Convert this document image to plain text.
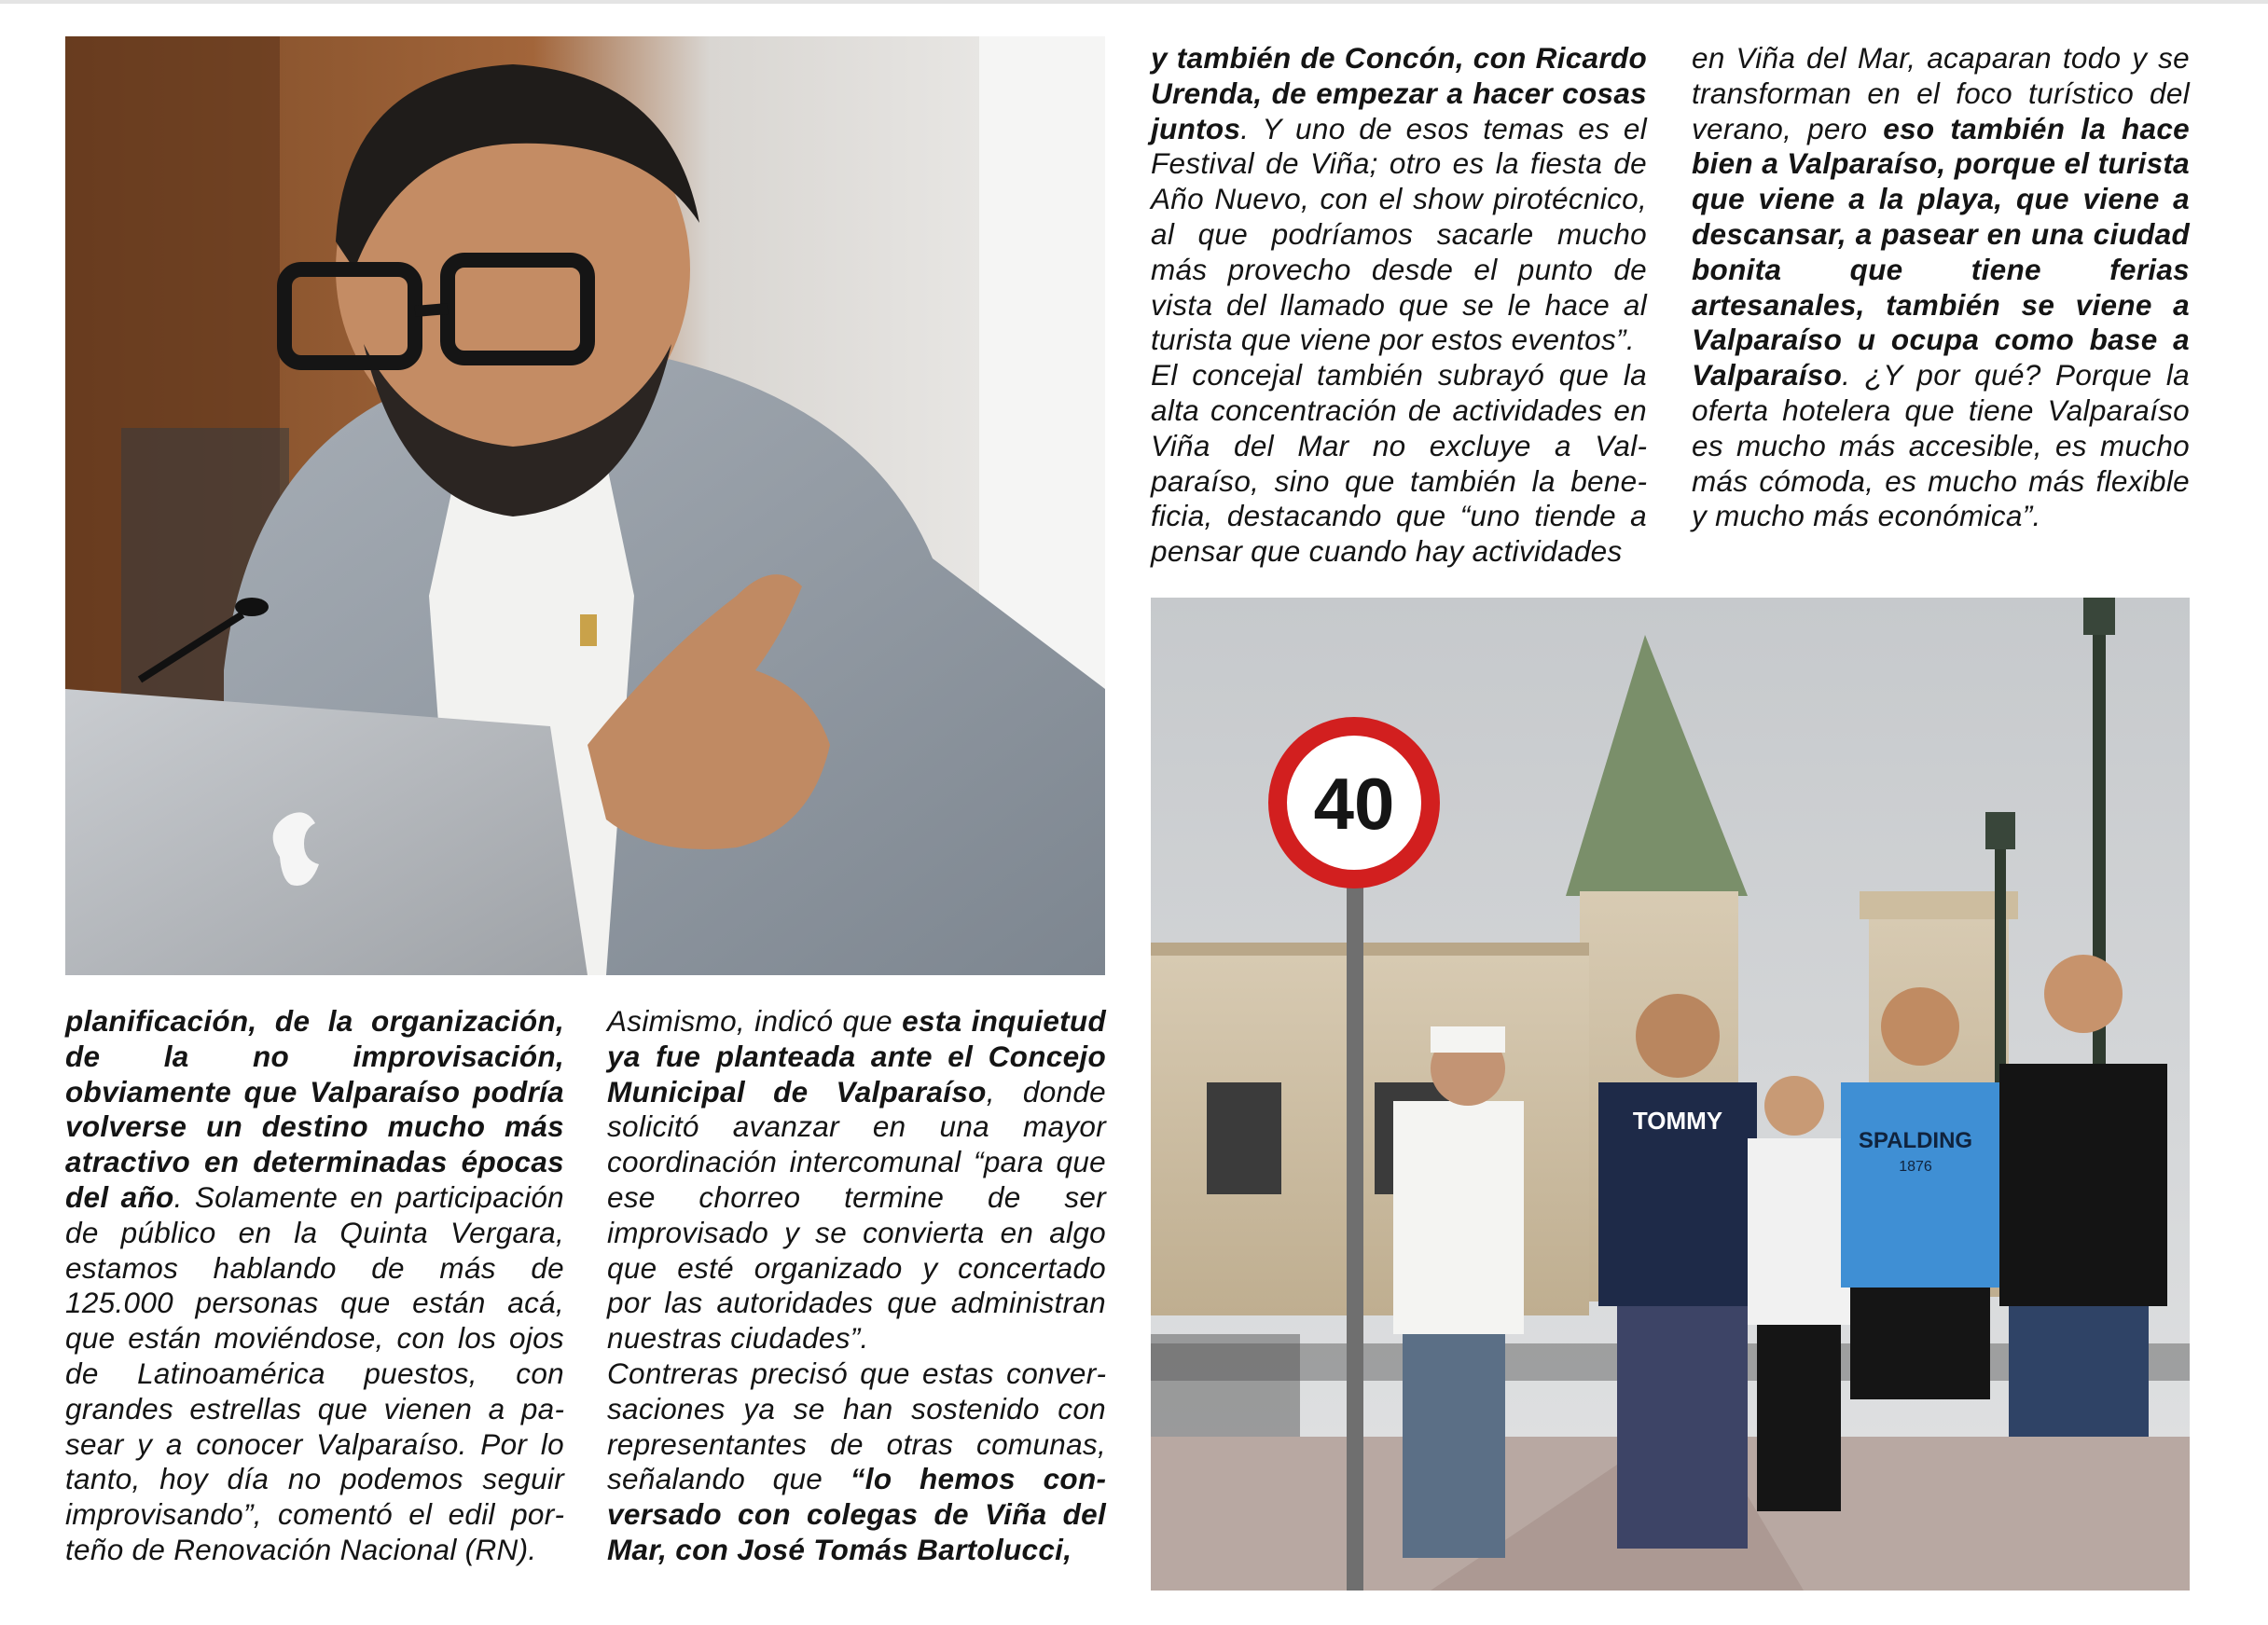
40
TOMMY
SPALDING
1876

planificación, de la organización, de la no improvisación, obviamente que Valparaíso podría volverse un destino mucho más atractivo en determinadas épocas del año. Solamente en participación de público en la Quinta Vergara, estamos hablando de más de 125.000 personas que están acá, que están moviéndose, con los ojos de Latinoamérica puestos, con grandes estrellas que vienen a pasear y a conocer Valparaíso. Por lo tanto, hoy día no podemos seguir improvisando”, comentó el edil porteño de Renovación Nacional (RN).

Asimismo, indicó que esta inquietud ya fue planteada ante el Concejo Municipal de Valparaíso, donde solicitó avanzar en una mayor coordinación intercomunal “para que ese chorreo termine de ser improvisado y se convierta en algo que esté organizado y concertado por las autoridades que administran nuestras ciudades”.

Contreras precisó que estas conversaciones ya se han sostenido con representantes de otras comunas, señalando que “lo hemos conversado con colegas de Viña del Mar, con José Tomás Bartolucci,

y también de Concón, con Ricardo Urenda, de empezar a hacer cosas juntos. Y uno de esos temas es el Festival de Viña; otro es la fiesta de Año Nuevo, con el show pirotécnico, al que podríamos sacarle mucho más provecho desde el punto de vista del llamado que se le hace al turista que viene por estos eventos”.

El concejal también subrayó que la alta concentración de actividades en Viña del Mar no excluye a Valparaíso, sino que también la beneficia, destacando que “uno tiende a pensar que cuando hay actividades

en Viña del Mar, acaparan todo y se transforman en el foco turístico del verano, pero eso también la hace bien a Valparaíso, porque el turista que viene a la playa, que viene a descansar, a pasear en una ciudad bonita que tiene ferias artesanales, también se viene a Valparaíso u ocupa como base a Valparaíso. ¿Y por qué? Porque la oferta hotelera que tiene Valparaíso es mucho más accesible, es mucho más cómoda, es mucho más flexible y mucho más económica”.
